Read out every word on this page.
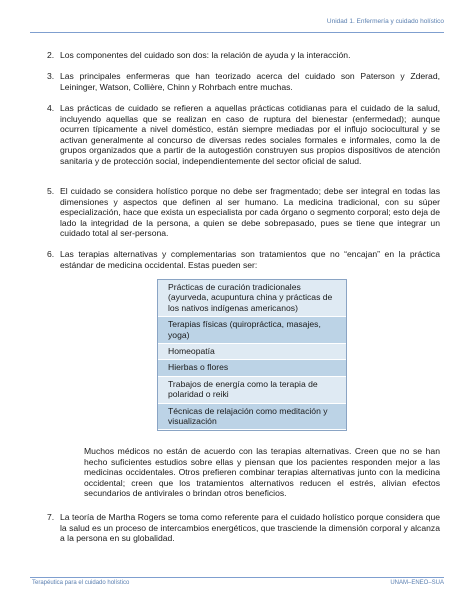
Unidad 1. Enfermería y cuidado holístico
2. Los componentes del cuidado son dos: la relación de ayuda y la interacción.
3. Las principales enfermeras que han teorizado acerca del cuidado son Paterson y Zderad, Leininger, Watson, Collière, Chinn y Rohrbach entre muchas.
4. Las prácticas de cuidado se refieren a aquellas prácticas cotidianas para el cuidado de la salud, incluyendo aquellas que se realizan en caso de ruptura del bienestar (enfermedad); aunque ocurren típicamente a nivel doméstico, están siempre mediadas por el influjo sociocultural y se activan generalmente al concurso de diversas redes sociales formales e informales, como la de grupos organizados que a partir de la autogestión construyen sus propios dispositivos de atención sanitaria y de protección social, independientemente del sector oficial de salud.
5. El cuidado se considera holístico porque no debe ser fragmentado; debe ser integral en todas las dimensiones y aspectos que definen al ser humano. La medicina tradicional, con su súper especialización, hace que exista un especialista por cada órgano o segmento corporal; esto deja de lado la integridad de la persona, a quien se debe sobrepasado, pues se tiene que integrar un cuidado total al ser-persona.
6. Las terapias alternativas y complementarias son tratamientos que no “encajan” en la práctica estándar de medicina occidental. Estas pueden ser:
Prácticas de curación tradicionales (ayurveda, acupuntura china y prácticas de los nativos indígenas americanos)
Terapias físicas (quiropráctica, masajes, yoga)
Homeopatía
Hierbas o flores
Trabajos de energía como la terapia de polaridad o reiki
Técnicas de relajación como meditación y visualización
Muchos médicos no están de acuerdo con las terapias alternativas. Creen que no se han hecho suficientes estudios sobre ellas y piensan que los pacientes responden mejor a las medicinas occidentales. Otros prefieren combinar terapias alternativas junto con la medicina occidental; creen que los tratamientos alternativos reducen el estrés, alivian efectos secundarios de antivirales o brindan otros beneficios.
7. La teoría de Martha Rogers se toma como referente para el cuidado holístico porque considera que la salud es un proceso de intercambios energéticos, que trasciende la dimensión corporal y alcanza a la persona en su globalidad.
Terapéutica para el cuidado holístico	UNAM–ENEO–SUA
